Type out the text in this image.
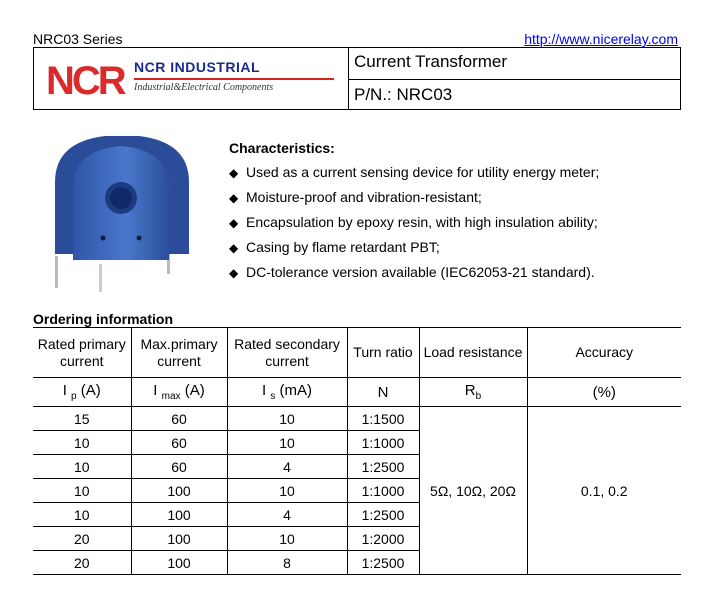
NRC03 Series	http://www.nicerelay.com
NCR NCR INDUSTRIAL
Industrial&Electrical Components
Current Transformer
P/N.: NRC03
Characteristics:
◆ Used as a current sensing device for utility energy meter;
◆ Moisture-proof and vibration-resistant;
◆ Encapsulation by epoxy resin, with high insulation ability;
◆ Casing by flame retardant PBT;
◆ DC-tolerance version available (IEC62053-21 standard).
Ordering information
Rated primary
current	Max.primary
current	Rated secondary
current	Turn ratio	Load resistance	Accuracy
I $_p$ (A)	I $_{max}$ (A)	I $_s$ (mA)	N	$R_b$	(%)
15	60	10	1:1500	5Ω, 10Ω, 20Ω	0.1, 0.2
10	60	10	1:1000		
10	60	4	1:2500		
10	100	10	1:1000		
10	100	4	1:2500		
20	100	10	1:2000		
20	100	8	1:2500		
